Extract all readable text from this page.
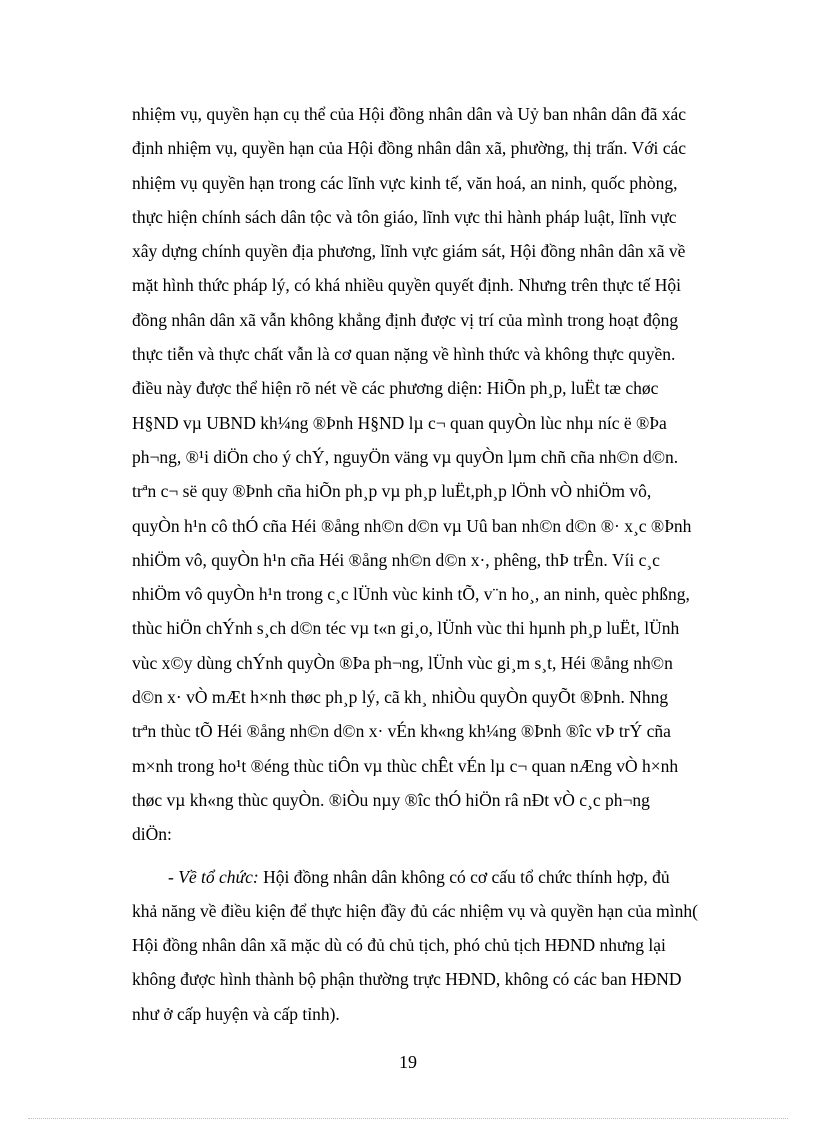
nhiệm vụ, quyền hạn cụ thể của Hội đồng nhân dân và Uỷ ban nhân dân đã xác
định nhiệm vụ, quyền hạn của Hội đồng nhân dân xã, phường, thị trấn. Với các
nhiệm vụ quyền hạn trong các lĩnh vực kinh tế, văn hoá, an ninh, quốc phòng,
thực hiện chính sách dân tộc và tôn giáo, lĩnh vực thi hành pháp luật, lĩnh vực
xây dựng chính quyền địa phương, lĩnh vực giám sát, Hội đồng nhân dân xã về
mặt hình thức pháp lý, có khá nhiều quyền quyết định. Nhưng trên thực tế Hội
đồng nhân dân xã vẫn không khẳng định được vị trí của mình trong hoạt động
thực tiễn và thực chất vẫn là cơ quan nặng về hình thức và không thực quyền.
điều này được thể hiện rõ nét về các phương diện: HiÕn ph¸p, luËt tæ chøc
H§ND vµ UBND kh¼ng ®Þnh H§ND lµ c¬ quan quyÒn lùc nhµ níc ë ®Þa
ph¬ng, ®¹i diÖn cho ý chÝ, nguyÖn väng vµ quyÒn lµm chñ cña nh©n d©n.
trªn c¬ së quy ®Þnh cña hiÕn ph¸p vµ ph¸p luËt,ph¸p lÖnh vÒ nhiÖm vô,
quyÒn h¹n cô thÓ cña Héi ®ång nh©n d©n vµ Uû ban nh©n d©n ®· x¸c ®Þnh
nhiÖm vô, quyÒn h¹n cña Héi ®ång nh©n d©n x·, phêng, thÞ trÊn. Víi c¸c
nhiÖm vô quyÒn h¹n trong c¸c lÜnh vùc kinh tÕ, v¨n ho¸, an ninh, quèc phßng,
thùc hiÖn chÝnh s¸ch d©n téc vµ t«n gi¸o, lÜnh vùc thi hµnh ph¸p luËt, lÜnh
vùc x©y dùng chÝnh quyÒn ®Þa ph¬ng, lÜnh vùc gi¸m s¸t, Héi ®ång nh©n
d©n x· vÒ mÆt h×nh thøc ph¸p lý, cã kh¸ nhiÒu quyÒn quyÕt ®Þnh. Nhng
trªn thùc tÕ Héi ®ång nh©n d©n x· vÉn kh«ng kh¼ng ®Þnh ®îc vÞ trÝ cña
m×nh trong ho¹t ®éng thùc tiÔn vµ thùc chÊt vÉn lµ c¬ quan nÆng vÒ h×nh
thøc vµ kh«ng thùc quyÒn. ®iÒu nµy ®îc thÓ hiÖn râ nÐt vÒ c¸c ph¬ng
diÖn:
- Về tổ chức: Hội đồng nhân dân không có cơ cấu tổ chức thính hợp, đủ
khả năng về điều kiện để thực hiện đầy đủ các nhiệm vụ và quyền hạn của mình(
Hội đồng nhân dân xã mặc dù có đủ chủ tịch, phó chủ tịch HĐND nhưng lại
không được hình thành bộ phận thường trực HĐND, không có các ban HĐND
như ở cấp huyện và cấp tỉnh).
19
